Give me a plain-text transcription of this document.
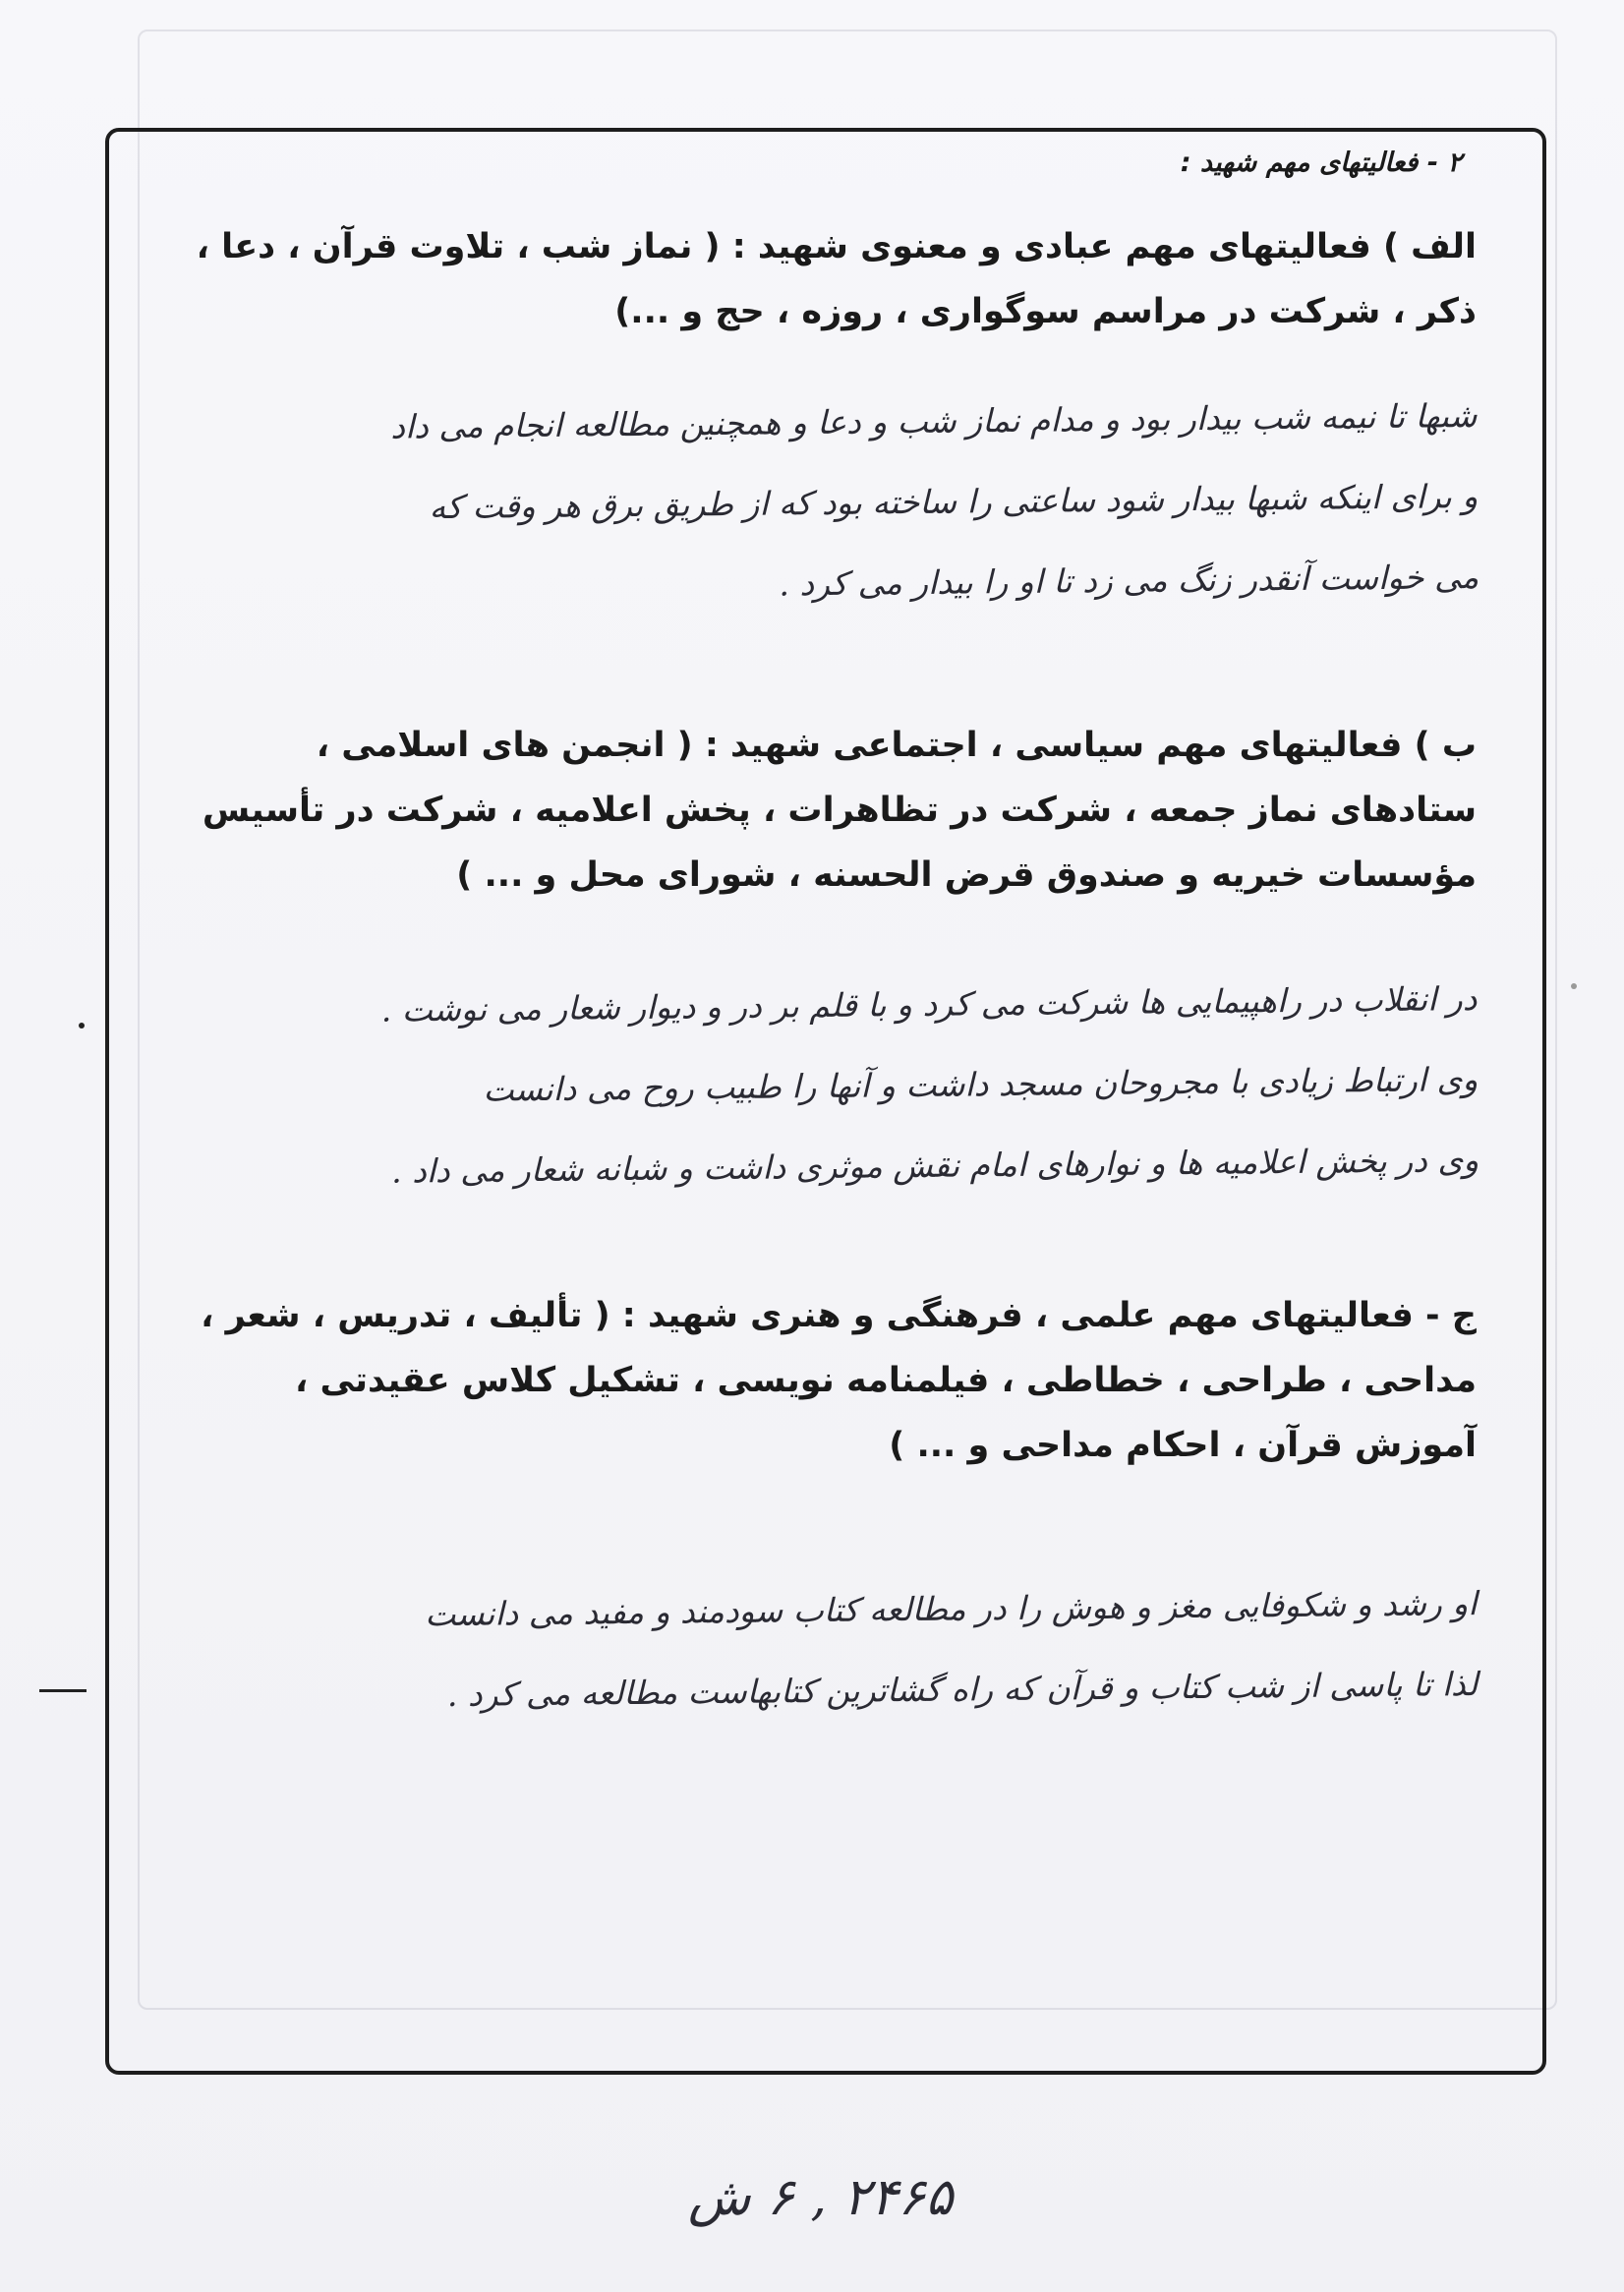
۲ - فعالیتهای مهم شهید :
الف ) فعالیتهای مهم عبادی و معنوی شهید : ( نماز شب ، تلاوت قرآن ، دعا ،
ذکر ، شرکت در مراسم سوگواری ، روزه ، حج و ...)
شبها تا نیمه شب بیدار بود و مدام نماز شب و دعا و همچنین مطالعه انجام می داد
و برای اینکه شبها بیدار شود ساعتی را ساخته بود که از طریق برق هر وقت که
می خواست آنقدر زنگ می زد تا او را بیدار می کرد .
ب ) فعالیتهای مهم سیاسی ، اجتماعی شهید : ( انجمن های اسلامی ،
ستادهای نماز جمعه ، شرکت در تظاهرات ، پخش اعلامیه ، شرکت در تأسیس
مؤسسات خیریه و صندوق قرض الحسنه ، شورای محل و ... )
در انقلاب در راهپیمایی ها شرکت می کرد و با قلم بر در و دیوار شعار می نوشت .
وی ارتباط زیادی با مجروحان مسجد داشت و آنها را طبیب روح می دانست
وی در پخش اعلامیه ها و نوارهای امام نقش موثری داشت و شبانه شعار می داد .
ج - فعالیتهای مهم علمی ، فرهنگی و هنری شهید : ( تألیف ، تدریس ، شعر ،
مداحی ، طراحی ، خطاطی ، فیلمنامه نویسی ، تشکیل کلاس عقیدتی ،
آموزش قرآن ، احکام مداحی و ... )
او رشد و شکوفایی مغز و هوش را در مطالعه کتاب سودمند و مفید می دانست
لذا تا پاسی از شب کتاب و قرآن که راه گشاترین کتابهاست مطالعه می کرد .
۲۴۶۵ , ۶ ش
